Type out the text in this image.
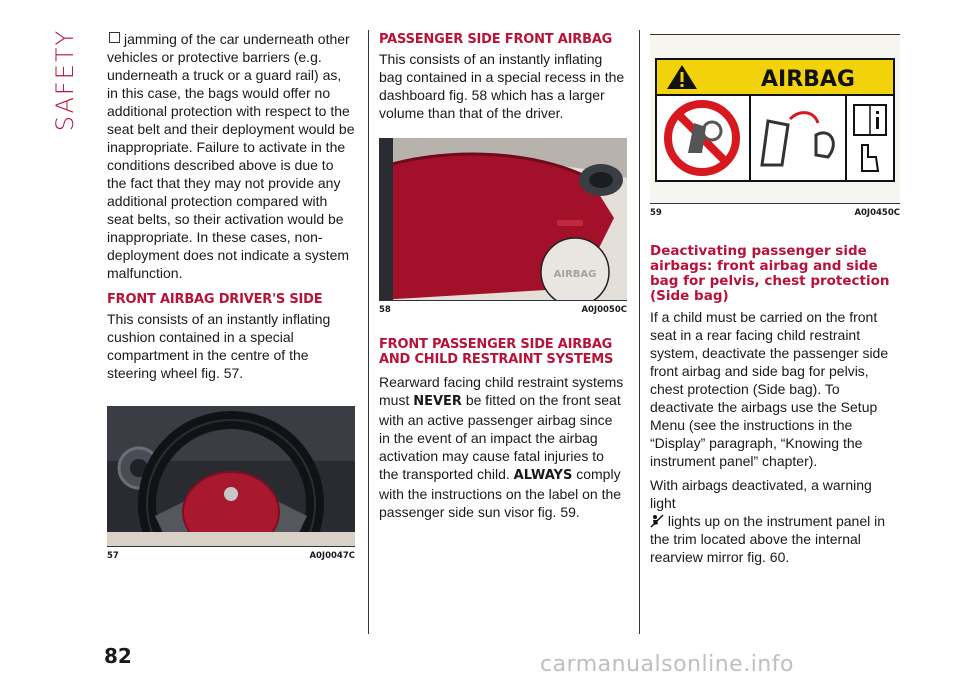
SAFETY	jamming of the car underneath other vehicles or protective barriers (e.g. underneath a truck or a guard rail) as, in this case, the bags would offer no additional protection with respect to the seat belt and their deployment would be inappropriate. Failure to activate in the conditions described above is due to the fact that they may not provide any additional protection compared with seat belts, so their activation would be inappropriate. In these cases, non-deployment does not indicate a system malfunction.

FRONT AIRBAG DRIVER'S SIDE

This consists of an instantly inflating cushion contained in a special compartment in the centre of the steering wheel fig. 57.

57	A0J0047C
PASSENGER SIDE FRONT AIRBAG

This consists of an instantly inflating bag contained in a special recess in the dashboard fig. 58 which has a larger volume than that of the driver.

AIRBAG
58	A0J0050C
FRONT PASSENGER SIDE AIRBAG AND CHILD RESTRAINT SYSTEMS

Rearward facing child restraint systems must NEVER be fitted on the front seat with an active passenger airbag since in the event of an impact the airbag activation may cause fatal injuries to the transported child. ALWAYS comply with the instructions on the label on the passenger side sun visor fig. 59.

AIRBAG
59	A0J0450C
Deactivating passenger side airbags: front airbag and side bag for pelvis, chest protection (Side bag)

If a child must be carried on the front seat in a rear facing child restraint system, deactivate the passenger side front airbag and side bag for pelvis, chest protection (Side bag). To deactivate the airbags use the Setup Menu (see the instructions in the “Display” paragraph, “Knowing the instrument panel” chapter).

With airbags deactivated, a warning light
lights up on the instrument panel in the trim located above the internal rearview mirror fig. 60.

82	carmanualsonline.info
